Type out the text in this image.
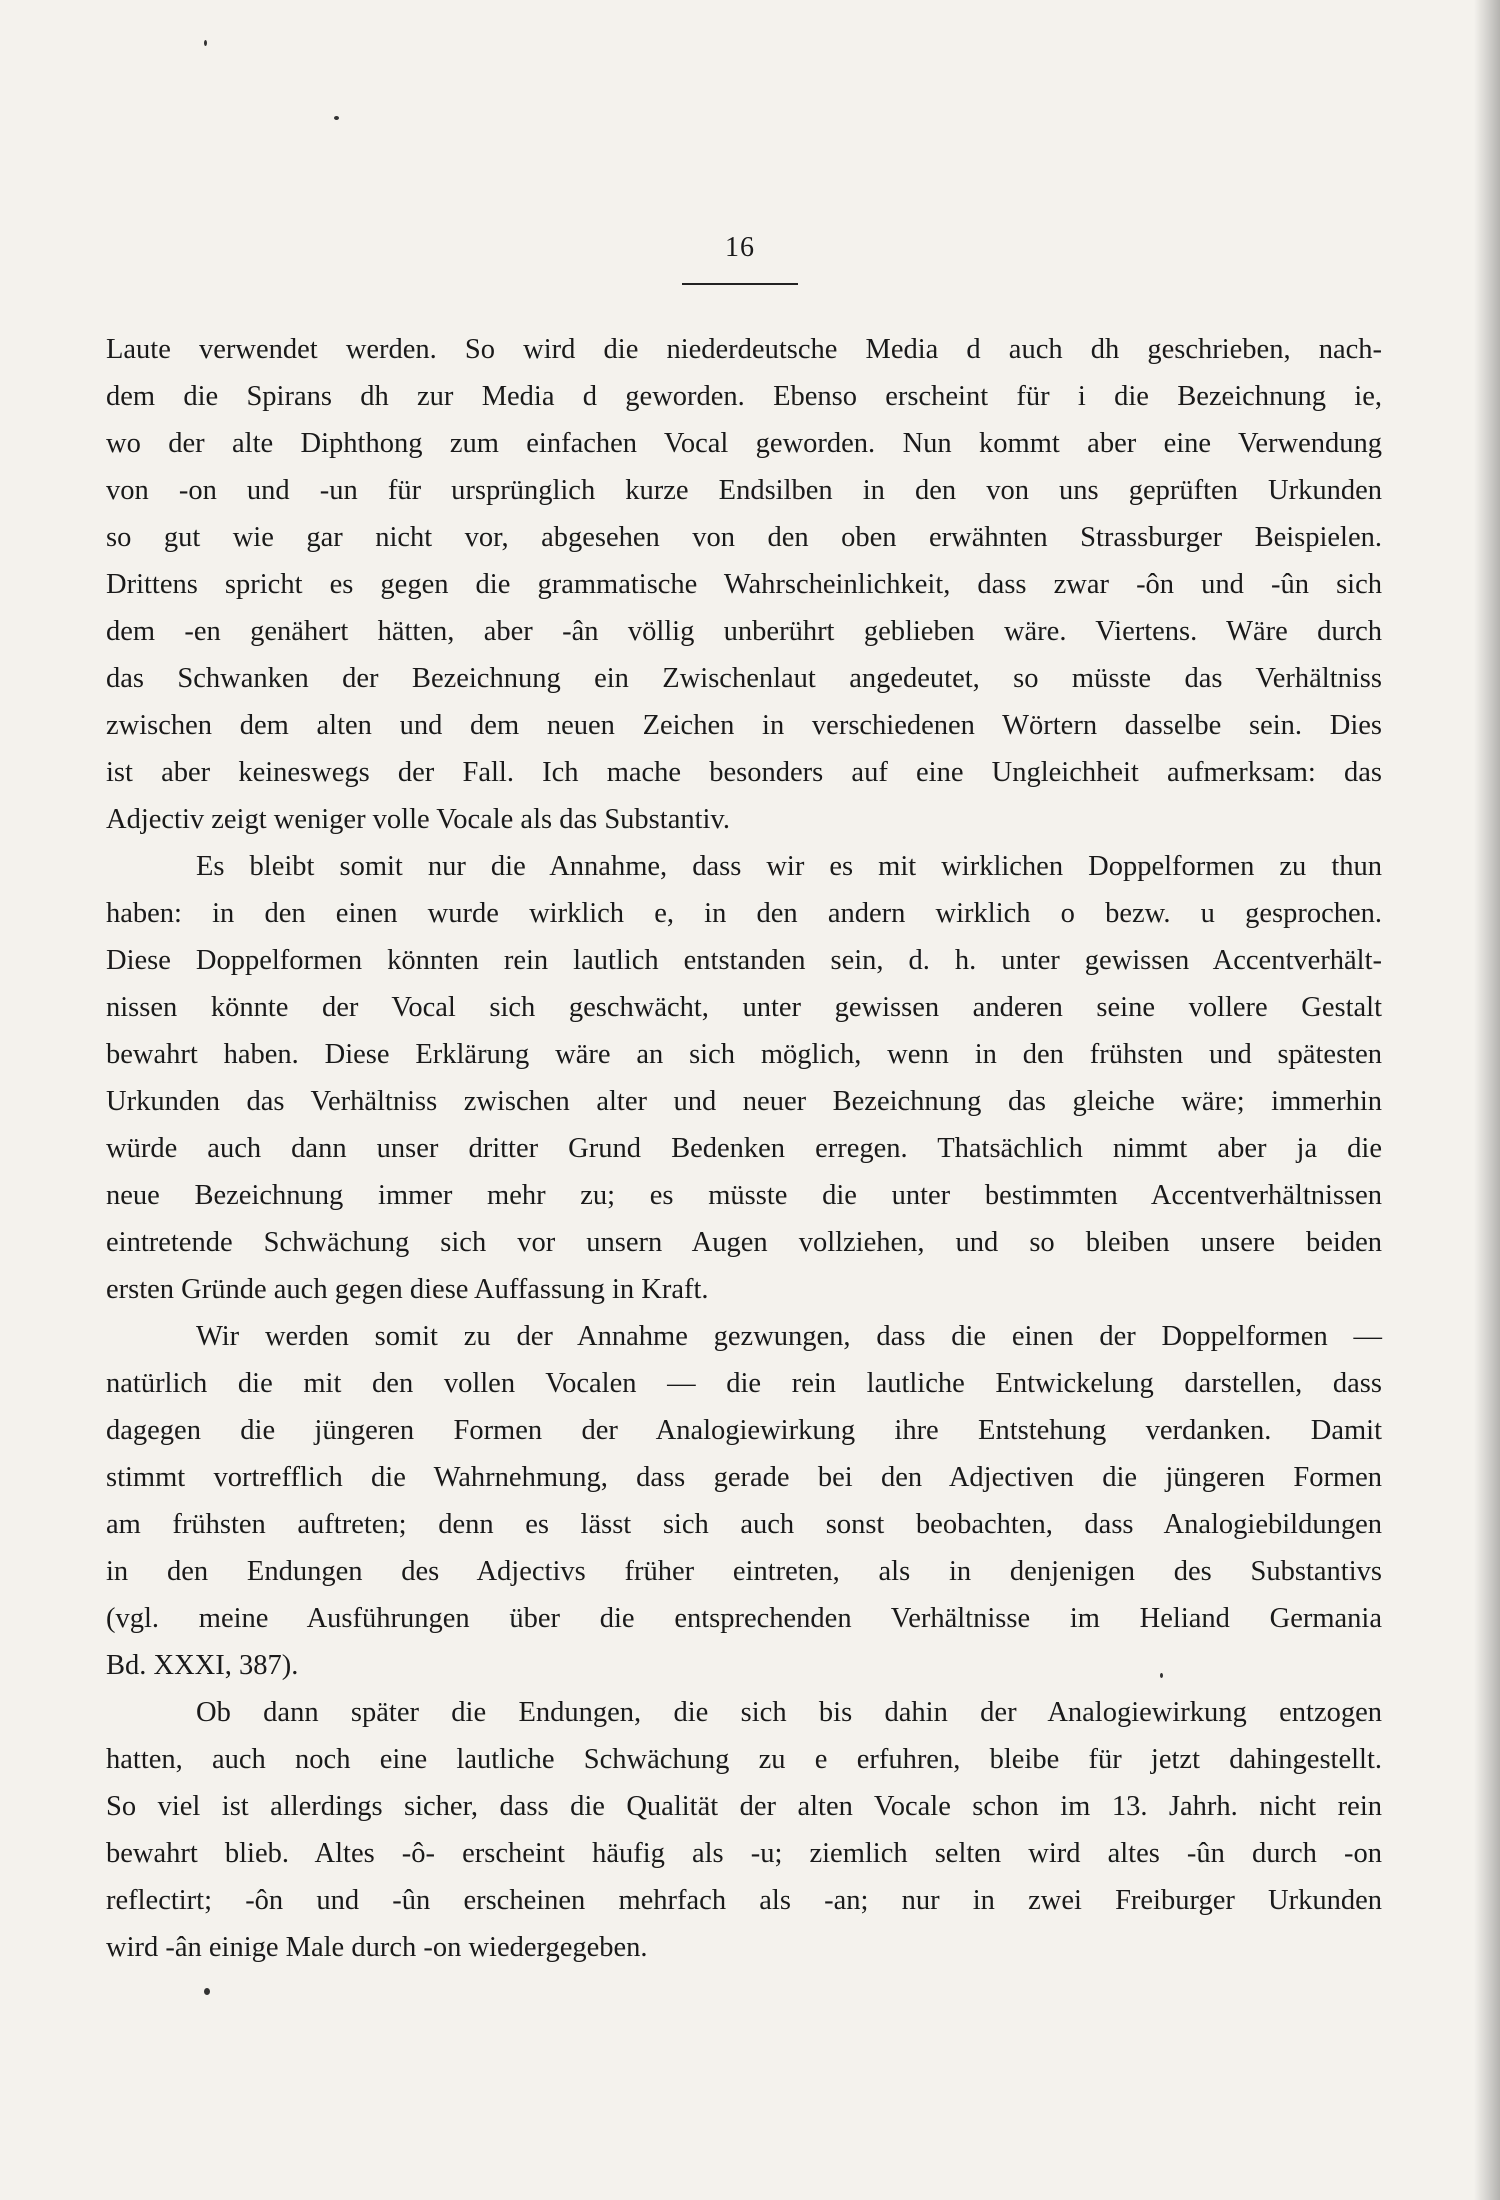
16
Laute verwendet werden. So wird die niederdeutsche Media d auch dh geschrieben, nach-
dem die Spirans dh zur Media d geworden. Ebenso erscheint für i die Bezeichnung ie,
wo der alte Diphthong zum einfachen Vocal geworden. Nun kommt aber eine Verwendung
von -on und -un für ursprünglich kurze Endsilben in den von uns geprüften Urkunden
so gut wie gar nicht vor, abgesehen von den oben erwähnten Strassburger Beispielen.
Drittens spricht es gegen die grammatische Wahrscheinlichkeit, dass zwar -ôn und -ûn sich
dem -en genähert hätten, aber -ân völlig unberührt geblieben wäre. Viertens. Wäre durch
das Schwanken der Bezeichnung ein Zwischenlaut angedeutet, so müsste das Verhältniss
zwischen dem alten und dem neuen Zeichen in verschiedenen Wörtern dasselbe sein. Dies
ist aber keineswegs der Fall. Ich mache besonders auf eine Ungleichheit aufmerksam: das
Adjectiv zeigt weniger volle Vocale als das Substantiv.
Es bleibt somit nur die Annahme, dass wir es mit wirklichen Doppelformen zu thun
haben: in den einen wurde wirklich e, in den andern wirklich o bezw. u gesprochen.
Diese Doppelformen könnten rein lautlich entstanden sein, d. h. unter gewissen Accentverhält-
nissen könnte der Vocal sich geschwächt, unter gewissen anderen seine vollere Gestalt
bewahrt haben. Diese Erklärung wäre an sich möglich, wenn in den frühsten und spätesten
Urkunden das Verhältniss zwischen alter und neuer Bezeichnung das gleiche wäre; immerhin
würde auch dann unser dritter Grund Bedenken erregen. Thatsächlich nimmt aber ja die
neue Bezeichnung immer mehr zu; es müsste die unter bestimmten Accentverhältnissen
eintretende Schwächung sich vor unsern Augen vollziehen, und so bleiben unsere beiden
ersten Gründe auch gegen diese Auffassung in Kraft.
Wir werden somit zu der Annahme gezwungen, dass die einen der Doppelformen —
natürlich die mit den vollen Vocalen — die rein lautliche Entwickelung darstellen, dass
dagegen die jüngeren Formen der Analogiewirkung ihre Entstehung verdanken. Damit
stimmt vortrefflich die Wahrnehmung, dass gerade bei den Adjectiven die jüngeren Formen
am frühsten auftreten; denn es lässt sich auch sonst beobachten, dass Analogiebildungen
in den Endungen des Adjectivs früher eintreten, als in denjenigen des Substantivs
(vgl. meine Ausführungen über die entsprechenden Verhältnisse im Heliand Germania
Bd. XXXI, 387).
Ob dann später die Endungen, die sich bis dahin der Analogiewirkung entzogen
hatten, auch noch eine lautliche Schwächung zu e erfuhren, bleibe für jetzt dahingestellt.
So viel ist allerdings sicher, dass die Qualität der alten Vocale schon im 13. Jahrh. nicht rein
bewahrt blieb. Altes -ô- erscheint häufig als -u; ziemlich selten wird altes -ûn durch -on
reflectirt; -ôn und -ûn erscheinen mehrfach als -an; nur in zwei Freiburger Urkunden
wird -ân einige Male durch -on wiedergegeben.
